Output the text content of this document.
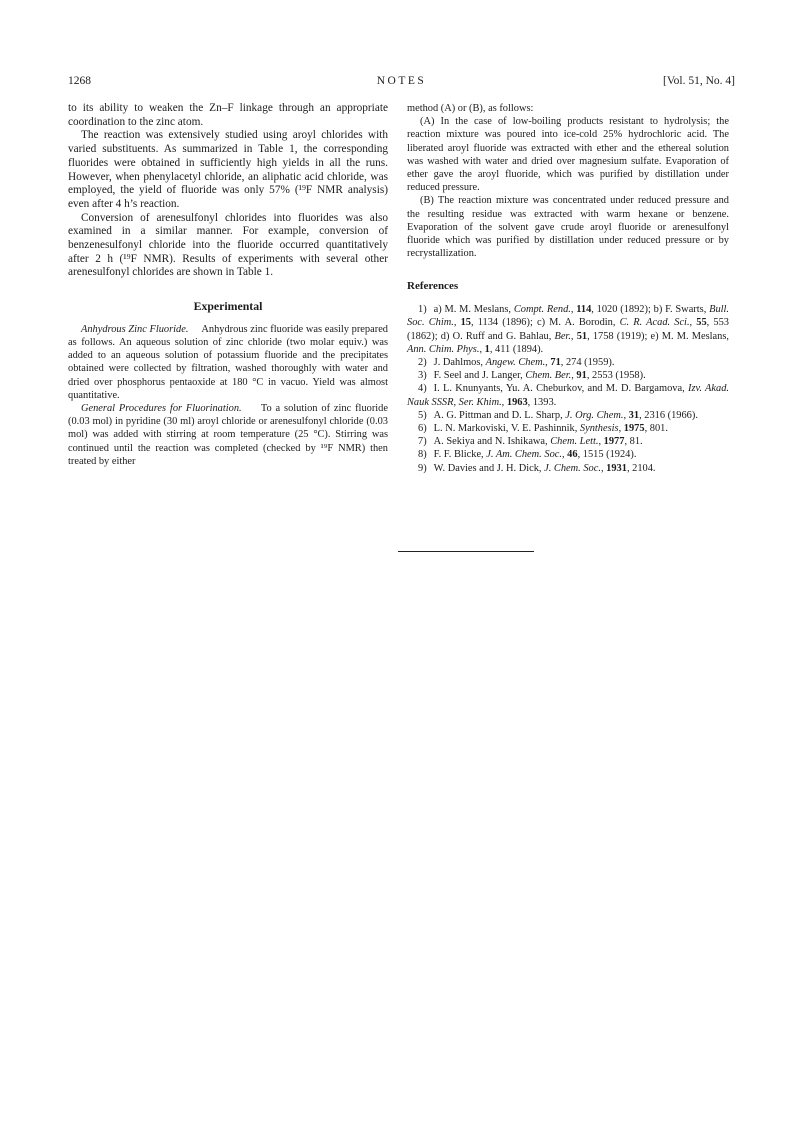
1268	NOTES	[Vol. 51, No. 4]

to its ability to weaken the Zn–F linkage through an appropriate coordination to the zinc atom.

The reaction was extensively studied using aroyl chlorides with varied substituents. As summarized in Table 1, the corresponding fluorides were obtained in sufficiently high yields in all the runs. However, when phenylacetyl chloride, an aliphatic acid chloride, was employed, the yield of fluoride was only 57% (¹⁹F NMR analysis) even after 4 h’s reaction.

Conversion of arenesulfonyl chlorides into fluorides was also examined in a similar manner. For example, conversion of benzenesulfonyl chloride into the fluoride occurred quantitatively after 2 h (¹⁹F NMR). Results of experiments with several other arenesulfonyl chlorides are shown in Table 1.

Experimental

Anhydrous Zinc Fluoride. Anhydrous zinc fluoride was easily prepared as follows. An aqueous solution of zinc chloride (two molar equiv.) was added to an aqueous solution of potassium fluoride and the precipitates obtained were collected by filtration, washed thoroughly with water and dried over phosphorus pentaoxide at 180 °C in vacuo. Yield was almost quantitative.

General Procedures for Fluorination. To a solution of zinc fluoride (0.03 mol) in pyridine (30 ml) aroyl chloride or arenesulfonyl chloride (0.03 mol) was added with stirring at room temperature (25 °C). Stirring was continued until the reaction was completed (checked by ¹⁹F NMR) then treated by either

method (A) or (B), as follows:

(A) In the case of low-boiling products resistant to hydrolysis; the reaction mixture was poured into ice-cold 25% hydrochloric acid. The liberated aroyl fluoride was extracted with ether and the ethereal solution was washed with water and dried over magnesium sulfate. Evaporation of ether gave the aroyl fluoride, which was purified by distillation under reduced pressure.

(B) The reaction mixture was concentrated under reduced pressure and the resulting residue was extracted with warm hexane or benzene. Evaporation of the solvent gave crude aroyl fluoride or arenesulfonyl fluoride which was purified by distillation under reduced pressure or by recrystallization.

References

1) a) M. M. Meslans, Compt. Rend., 114, 1020 (1892); b) F. Swarts, Bull. Soc. Chim., 15, 1134 (1896); c) M. A. Borodin, C. R. Acad. Sci., 55, 553 (1862); d) O. Ruff and G. Bahlau, Ber., 51, 1758 (1919); e) M. M. Meslans, Ann. Chim. Phys., 1, 411 (1894).

2) J. Dahlmos, Angew. Chem., 71, 274 (1959).

3) F. Seel and J. Langer, Chem. Ber., 91, 2553 (1958).

4) I. L. Knunyants, Yu. A. Cheburkov, and M. D. Bargamova, Izv. Akad. Nauk SSSR, Ser. Khim., 1963, 1393.

5) A. G. Pittman and D. L. Sharp, J. Org. Chem., 31, 2316 (1966).

6) L. N. Markoviski, V. E. Pashinnik, Synthesis, 1975, 801.

7) A. Sekiya and N. Ishikawa, Chem. Lett., 1977, 81.

8) F. F. Blicke, J. Am. Chem. Soc., 46, 1515 (1924).

9) W. Davies and J. H. Dick, J. Chem. Soc., 1931, 2104.
